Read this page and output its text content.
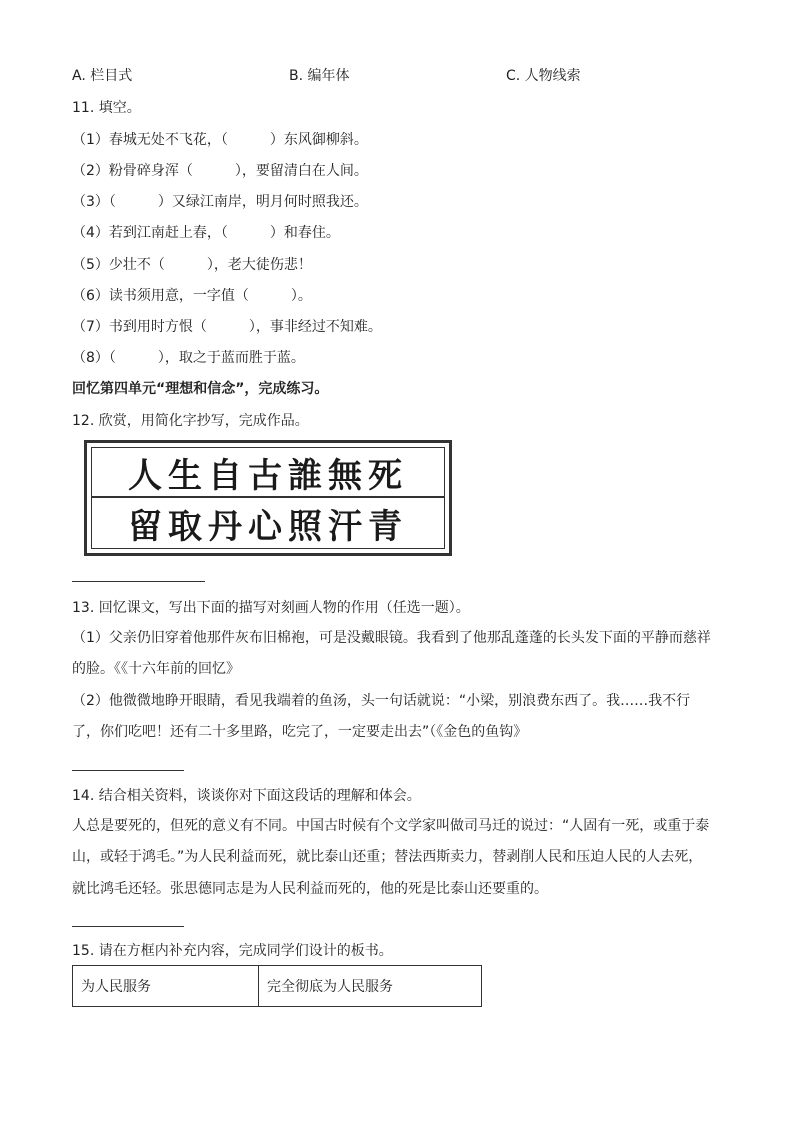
A. 栏目式	B. 编年体	C. 人物线索
11. 填空。
（1）春城无处不飞花，（　　　）东风御柳斜。
（2）粉骨碎身浑（　　　），要留清白在人间。
（3）（　　　）又绿江南岸，明月何时照我还。
（4）若到江南赶上春，（　　　）和春住。
（5）少壮不（　　　），老大徒伤悲！
（6）读书须用意，一字值（　　　）。
（7）书到用时方恨（　　　），事非经过不知难。
（8）（　　　），取之于蓝而胜于蓝。
回忆第四单元“理想和信念”，完成练习。
12. 欣赏，用简化字抄写，完成作品。
人生自古誰無死
留取丹心照汗青
13. 回忆课文，写出下面的描写对刻画人物的作用（任选一题）。
（1）父亲仍旧穿着他那件灰布旧棉袍，可是没戴眼镜。我看到了他那乱蓬蓬的长头发下面的平静而慈祥
的脸。《《十六年前的回忆》
（2）他微微地睁开眼睛，看见我端着的鱼汤，头一句话就说：“小梁，别浪费东西了。我……我不行
了，你们吃吧！还有二十多里路，吃完了，一定要走出去”（《金色的鱼钩》
14. 结合相关资料，谈谈你对下面这段话的理解和体会。
人总是要死的，但死的意义有不同。中国古时候有个文学家叫做司马迁的说过：“人固有一死，或重于泰
山，或轻于鸿毛。”为人民利益而死，就比泰山还重；替法西斯卖力，替剥削人民和压迫人民的人去死，
就比鸿毛还轻。张思德同志是为人民利益而死的，他的死是比泰山还要重的。
15. 请在方框内补充内容，完成同学们设计的板书。
为人民服务	完全彻底为人民服务
